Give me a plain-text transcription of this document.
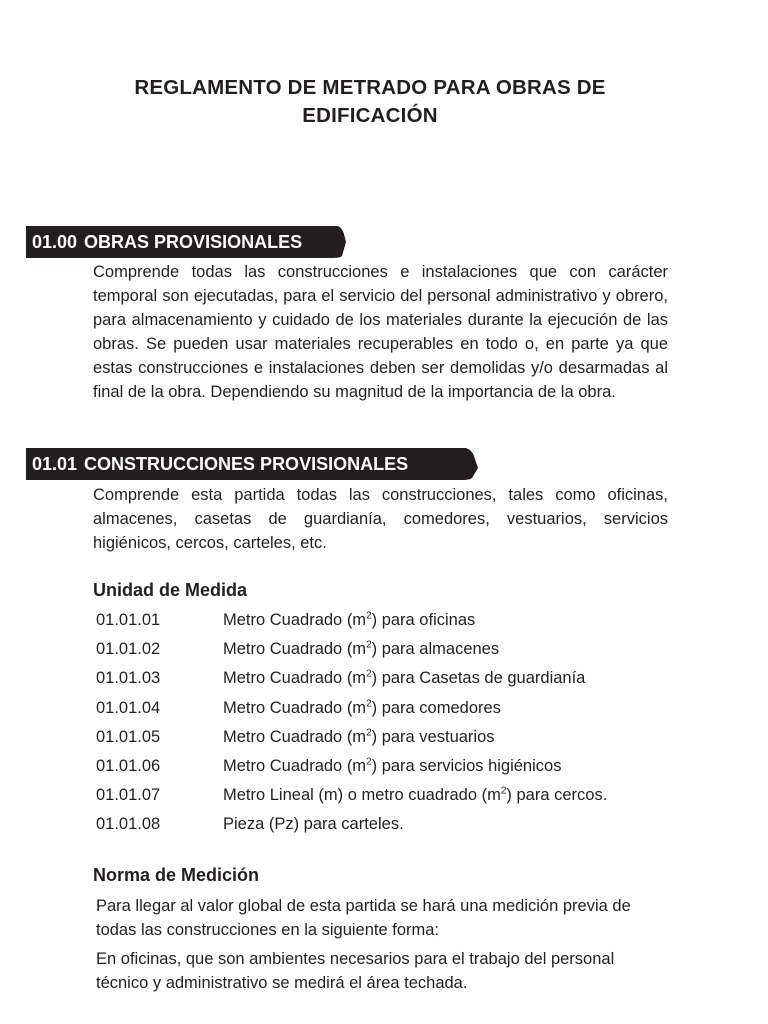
REGLAMENTO DE METRADO PARA OBRAS DE
EDIFICACIÓN
01.00 OBRAS PROVISIONALES
Comprende todas las construcciones e instalaciones que con carácter temporal son ejecutadas, para el servicio del personal administrativo y obrero, para almacenamiento y cuidado de los materiales durante la ejecución de las obras. Se pueden usar materiales recuperables en todo o, en parte ya que estas construcciones e instalaciones deben ser demolidas y/o desarmadas al final de la obra. Dependiendo su magnitud de la importancia de la obra.
01.01 CONSTRUCCIONES PROVISIONALES
Comprende esta partida todas las construcciones, tales como oficinas, almacenes, casetas de guardianía, comedores, vestuarios, servicios higiénicos, cercos, carteles, etc.
Unidad de Medida
01.01.01	Metro Cuadrado $(m^2)$ para oficinas
01.01.02	Metro Cuadrado $(m^2)$ para almacenes
01.01.03	Metro Cuadrado $(m^2)$ para Casetas de guardianía
01.01.04	Metro Cuadrado $(m^2)$ para comedores
01.01.05	Metro Cuadrado $(m^2)$ para vestuarios
01.01.06	Metro Cuadrado $(m^2)$ para servicios higiénicos
01.01.07	Metro Lineal (m) o metro cuadrado $(m^2)$ para cercos.
01.01.08	Pieza (Pz) para carteles.
Norma de Medición
Para llegar al valor global de esta partida se hará una medición previa de todas las construcciones en la siguiente forma:
En oficinas, que son ambientes necesarios para el trabajo del personal técnico y administrativo se medirá el área techada.
